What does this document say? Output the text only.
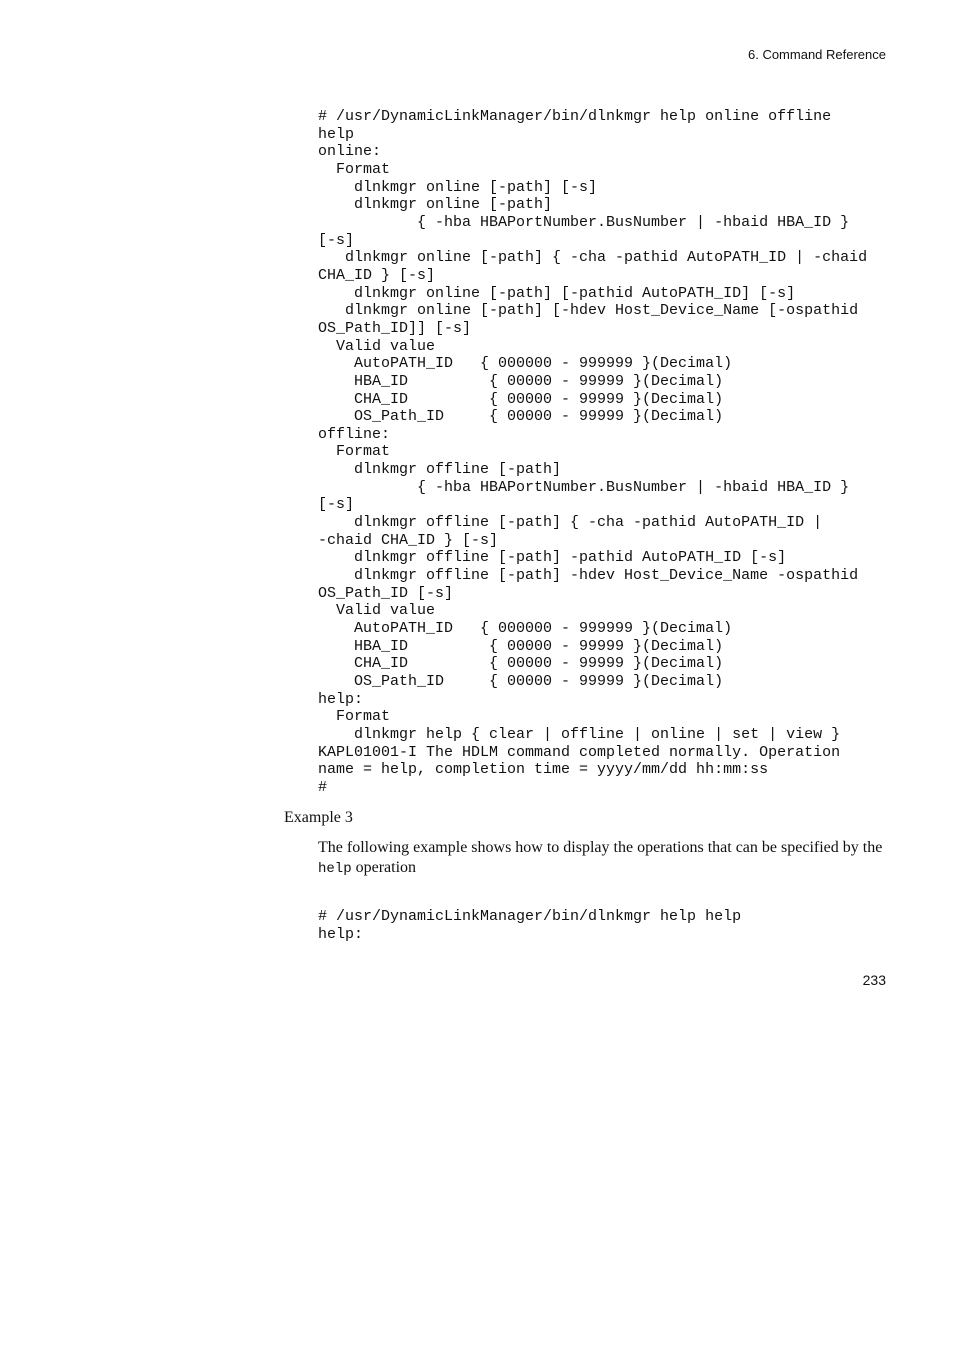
6. Command Reference
# /usr/DynamicLinkManager/bin/dlnkmgr help online offline
help
online:
Format
dlnkmgr online [-path] [-s]
dlnkmgr online [-path]
{ -hba HBAPortNumber.BusNumber | -hbaid HBA_ID }
[-s]
dlnkmgr online [-path] { -cha -pathid AutoPATH_ID | -chaid
CHA_ID } [-s]
dlnkmgr online [-path] [-pathid AutoPATH_ID] [-s]
dlnkmgr online [-path] [-hdev Host_Device_Name [-ospathid
OS_Path_ID]] [-s]
Valid value
AutoPATH_ID   { 000000 - 999999 }(Decimal)
HBA_ID         { 00000 - 99999 }(Decimal)
CHA_ID         { 00000 - 99999 }(Decimal)
OS_Path_ID     { 00000 - 99999 }(Decimal)
offline:
Format
dlnkmgr offline [-path]
{ -hba HBAPortNumber.BusNumber | -hbaid HBA_ID }
[-s]
dlnkmgr offline [-path] { -cha -pathid AutoPATH_ID |
-chaid CHA_ID } [-s]
dlnkmgr offline [-path] -pathid AutoPATH_ID [-s]
dlnkmgr offline [-path] -hdev Host_Device_Name -ospathid
OS_Path_ID [-s]
Valid value
AutoPATH_ID   { 000000 - 999999 }(Decimal)
HBA_ID         { 00000 - 99999 }(Decimal)
CHA_ID         { 00000 - 99999 }(Decimal)
OS_Path_ID     { 00000 - 99999 }(Decimal)
help:
Format
dlnkmgr help { clear | offline | online | set | view }
KAPL01001-I The HDLM command completed normally. Operation
name = help, completion time = yyyy/mm/dd hh:mm:ss
#
Example 3
The following example shows how to display the operations that can be specified by the help operation
# /usr/DynamicLinkManager/bin/dlnkmgr help help
help:
233
